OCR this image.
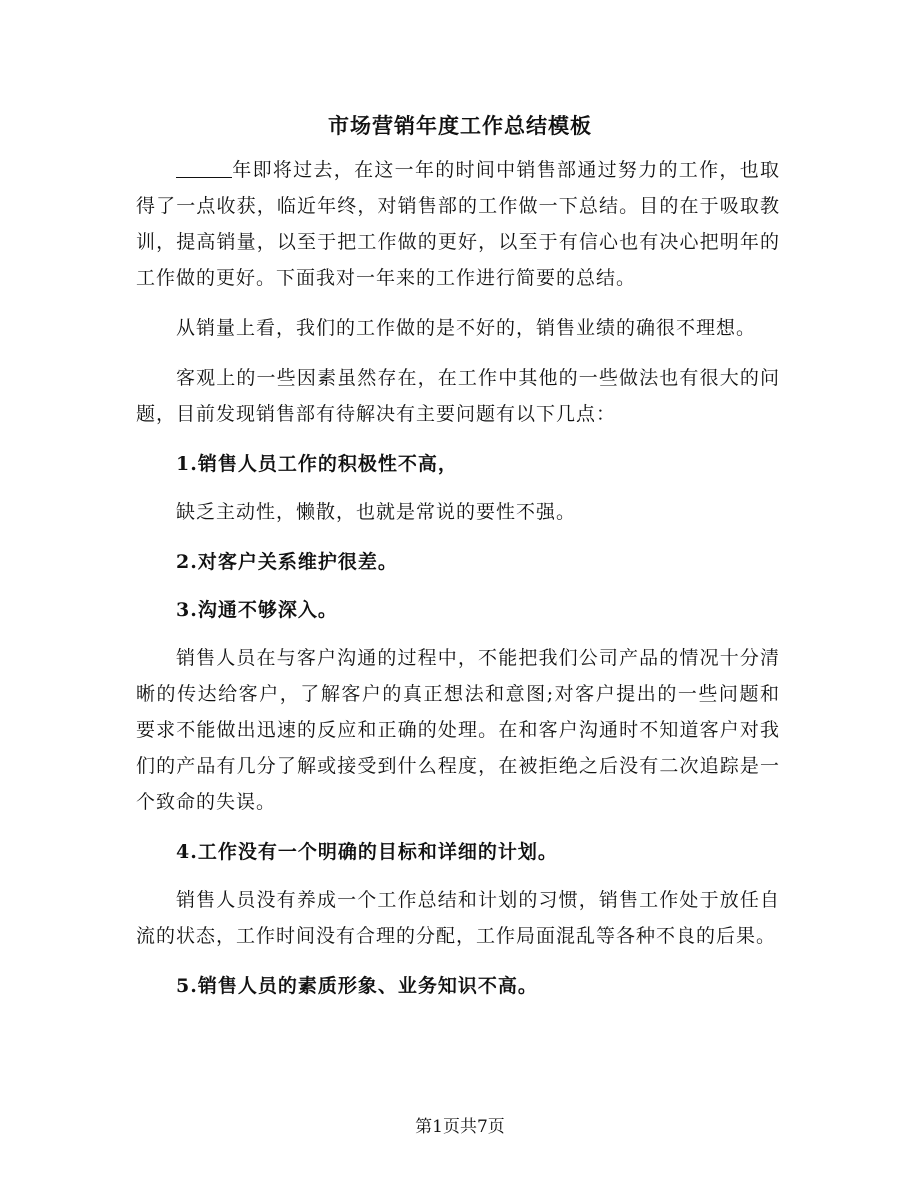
市场营销年度工作总结模板

年即将过去，在这一年的时间中销售部通过努力的工作，也取得了一点收获，临近年终，对销售部的工作做一下总结。目的在于吸取教训，提高销量，以至于把工作做的更好，以至于有信心也有决心把明年的工作做的更好。下面我对一年来的工作进行简要的总结。

从销量上看，我们的工作做的是不好的，销售业绩的确很不理想。

客观上的一些因素虽然存在，在工作中其他的一些做法也有很大的问题，目前发现销售部有待解决有主要问题有以下几点：

1.销售人员工作的积极性不高，

缺乏主动性，懒散，也就是常说的要性不强。

2.对客户关系维护很差。

3.沟通不够深入。

销售人员在与客户沟通的过程中，不能把我们公司产品的情况十分清晰的传达给客户，了解客户的真正想法和意图;对客户提出的一些问题和要求不能做出迅速的反应和正确的处理。在和客户沟通时不知道客户对我们的产品有几分了解或接受到什么程度，在被拒绝之后没有二次追踪是一个致命的失误。

4.工作没有一个明确的目标和详细的计划。

销售人员没有养成一个工作总结和计划的习惯，销售工作处于放任自流的状态，工作时间没有合理的分配，工作局面混乱等各种不良的后果。

5.销售人员的素质形象、业务知识不高。

第1页共7页
